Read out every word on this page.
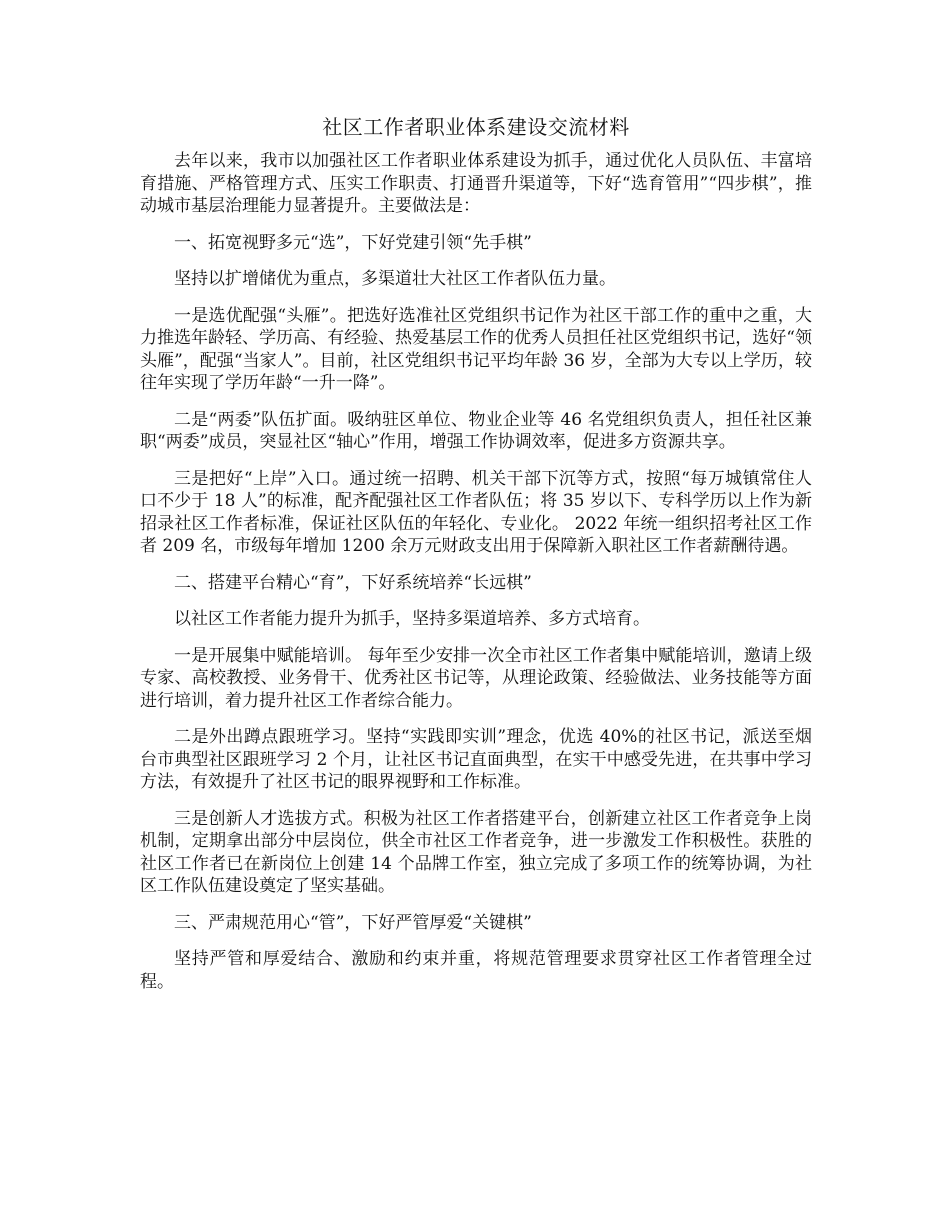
社区工作者职业体系建设交流材料

去年以来，我市以加强社区工作者职业体系建设为抓手，通过优化人员队伍、丰富培育措施、严格管理方式、压实工作职责、打通晋升渠道等，下好“选育管用”“四步棋”，推动城市基层治理能力显著提升。主要做法是：

一、拓宽视野多元“选”，下好党建引领“先手棋”

坚持以扩增储优为重点，多渠道壮大社区工作者队伍力量。

一是选优配强“头雁”。把选好选准社区党组织书记作为社区干部工作的重中之重，大力推选年龄轻、学历高、有经验、热爱基层工作的优秀人员担任社区党组织书记，选好“领头雁”，配强“当家人”。目前，社区党组织书记平均年龄 36 岁，全部为大专以上学历，较往年实现了学历年龄“一升一降”。

二是“两委”队伍扩面。吸纳驻区单位、物业企业等 46 名党组织负责人，担任社区兼职“两委”成员，突显社区“轴心”作用，增强工作协调效率，促进多方资源共享。

三是把好“上岸”入口。通过统一招聘、机关干部下沉等方式，按照“每万城镇常住人口不少于 18 人”的标准，配齐配强社区工作者队伍；将 35 岁以下、专科学历以上作为新招录社区工作者标准，保证社区队伍的年轻化、专业化。 2022 年统一组织招考社区工作者 209 名，市级每年增加 1200 余万元财政支出用于保障新入职社区工作者薪酬待遇。

二、搭建平台精心“育”，下好系统培养“长远棋”

以社区工作者能力提升为抓手，坚持多渠道培养、多方式培育。

一是开展集中赋能培训。 每年至少安排一次全市社区工作者集中赋能培训，邀请上级专家、高校教授、业务骨干、优秀社区书记等，从理论政策、经验做法、业务技能等方面进行培训，着力提升社区工作者综合能力。

二是外出蹲点跟班学习。坚持“实践即实训”理念，优选 40%的社区书记，派送至烟台市典型社区跟班学习 2 个月，让社区书记直面典型，在实干中感受先进，在共事中学习方法，有效提升了社区书记的眼界视野和工作标准。

三是创新人才选拔方式。积极为社区工作者搭建平台，创新建立社区工作者竞争上岗机制，定期拿出部分中层岗位，供全市社区工作者竞争，进一步激发工作积极性。获胜的社区工作者已在新岗位上创建 14 个品牌工作室，独立完成了多项工作的统筹协调，为社区工作队伍建设奠定了坚实基础。

三、严肃规范用心“管”，下好严管厚爱“关键棋”

坚持严管和厚爱结合、激励和约束并重，将规范管理要求贯穿社区工作者管理全过程。
